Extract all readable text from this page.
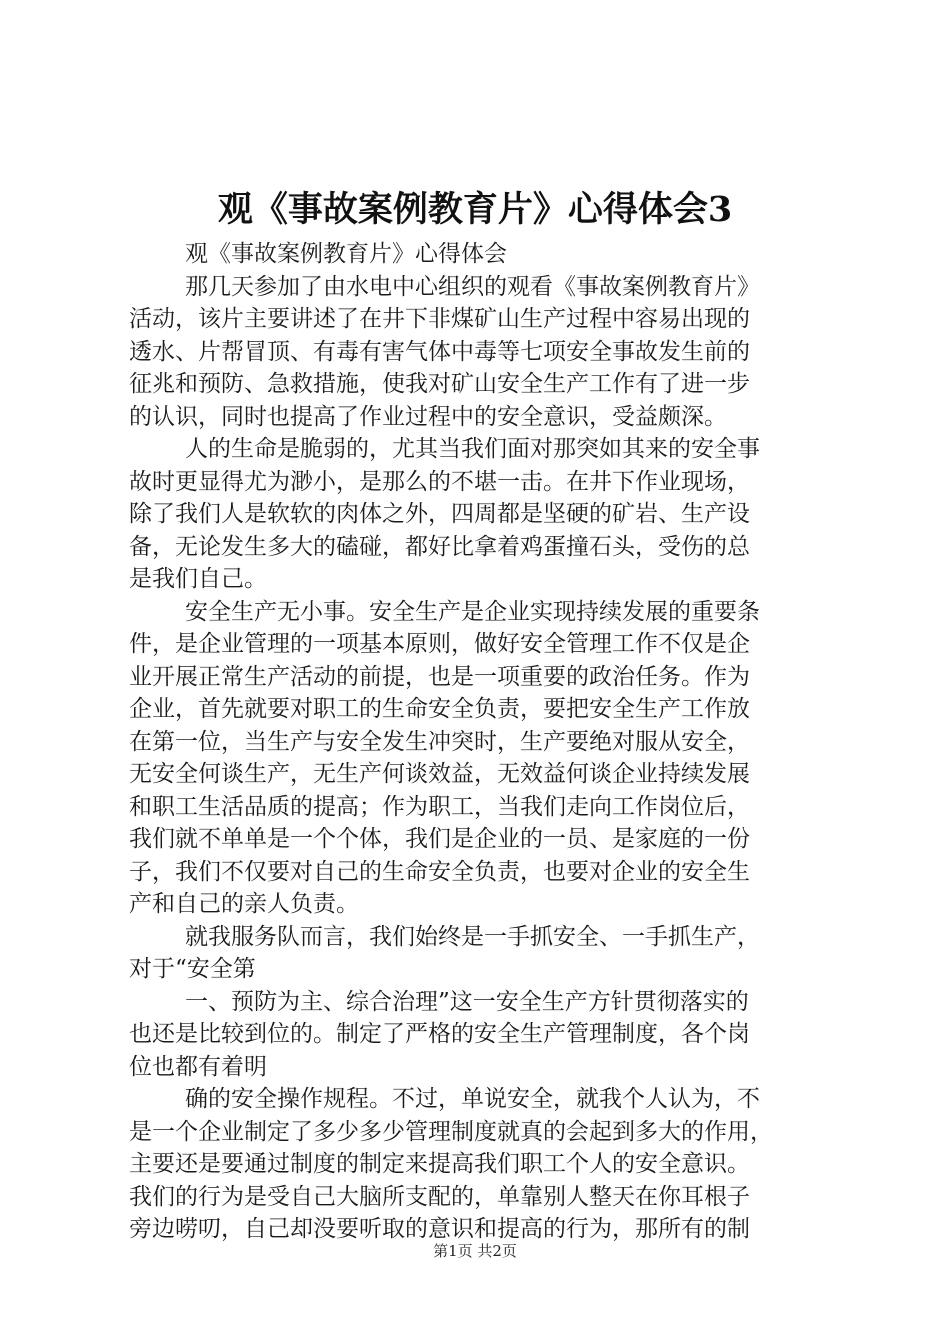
观《事故案例教育片》心得体会3
观《事故案例教育片》心得体会
那几天参加了由水电中心组织的观看《事故案例教育片》
活动，该片主要讲述了在井下非煤矿山生产过程中容易出现的
透水、片帮冒顶、有毒有害气体中毒等七项安全事故发生前的
征兆和预防、急救措施，使我对矿山安全生产工作有了进一步
的认识，同时也提高了作业过程中的安全意识，受益颇深。
人的生命是脆弱的，尤其当我们面对那突如其来的安全事
故时更显得尤为渺小，是那么的不堪一击。在井下作业现场，
除了我们人是软软的肉体之外，四周都是坚硬的矿岩、生产设
备，无论发生多大的磕碰，都好比拿着鸡蛋撞石头，受伤的总
是我们自己。
安全生产无小事。安全生产是企业实现持续发展的重要条
件，是企业管理的一项基本原则，做好安全管理工作不仅是企
业开展正常生产活动的前提，也是一项重要的政治任务。作为
企业，首先就要对职工的生命安全负责，要把安全生产工作放
在第一位，当生产与安全发生冲突时，生产要绝对服从安全，
无安全何谈生产，无生产何谈效益，无效益何谈企业持续发展
和职工生活品质的提高；作为职工，当我们走向工作岗位后，
我们就不单单是一个个体，我们是企业的一员、是家庭的一份
子，我们不仅要对自己的生命安全负责，也要对企业的安全生
产和自己的亲人负责。
就我服务队而言，我们始终是一手抓安全、一手抓生产，
对于“安全第
一、预防为主、综合治理”这一安全生产方针贯彻落实的
也还是比较到位的。制定了严格的安全生产管理制度，各个岗
位也都有着明
确的安全操作规程。不过，单说安全，就我个人认为，不
是一个企业制定了多少多少管理制度就真的会起到多大的作用，
主要还是要通过制度的制定来提高我们职工个人的安全意识。
我们的行为是受自己大脑所支配的，单靠别人整天在你耳根子
旁边唠叨，自己却没要听取的意识和提高的行为，那所有的制
第1页 共2页
